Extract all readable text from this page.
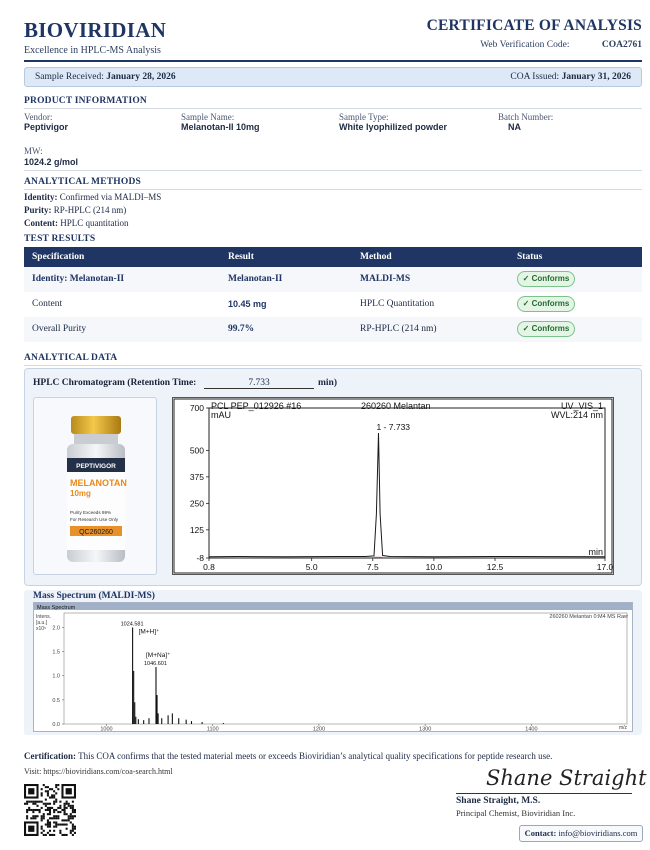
BIOVIRIDIAN
Excellence in HPLC-MS Analysis
CERTIFICATE OF ANALYSIS
Web Verification Code:	COA2761
Sample Received: January 28, 2026	COA Issued: January 31, 2026
PRODUCT INFORMATION
Vendor:
Peptivigor
Sample Name:
Melanotan-II 10mg
Sample Type:
White lyophilized powder
Batch Number:
NA
MW:
1024.2 g/mol
ANALYTICAL METHODS
Identity: Confirmed via MALDI–MS
Purity: RP-HPLC (214 nm)
Content: HPLC quantitation
TEST RESULTS
Specification	Result	Method	Status
Identity: Melanotan-II	Melanotan-II	MALDI-MS	✓ Conforms
Content	10.45 mg	HPLC Quantitation	✓ Conforms
Overall Purity	99.7%	RP-HPLC (214 nm)	✓ Conforms
ANALYTICAL DATA
HPLC Chromatogram (Retention Time:	7.733	min)
PEPTIVIGOR
MELANOTAN
10mg
Purity Exceeds 99%
For Research Use Only
QC260260
PCL PEP_012926 #16	260260 Melantan	UV_VIS_1
WVL:214 nm
mAU
min
700
500
375
250
125
-8
0.8	5.0	7.5	10.0	12.5	17.0
1 - 7.733
Mass Spectrum (MALDI-MS)
Mass Spectrum
260260 Melantan 0:M4 MS Raw
Intens.
[a.u.]
x10⁵ 2.0
1.5
1.0
0.5
0.0
1000	1100	1200	1300	1400	m/z
1024.581
[M+H]⁺
[M+Na]⁺
1046.601
Certification: This COA confirms that the tested material meets or exceeds Bioviridian’s analytical quality specifications for peptide research use.
Visit: https://bioviridians.com/coa-search.html	Shane Straight
Shane Straight, M.S.
Principal Chemist, Bioviridian Inc.
Contact: info@bioviridians.com
